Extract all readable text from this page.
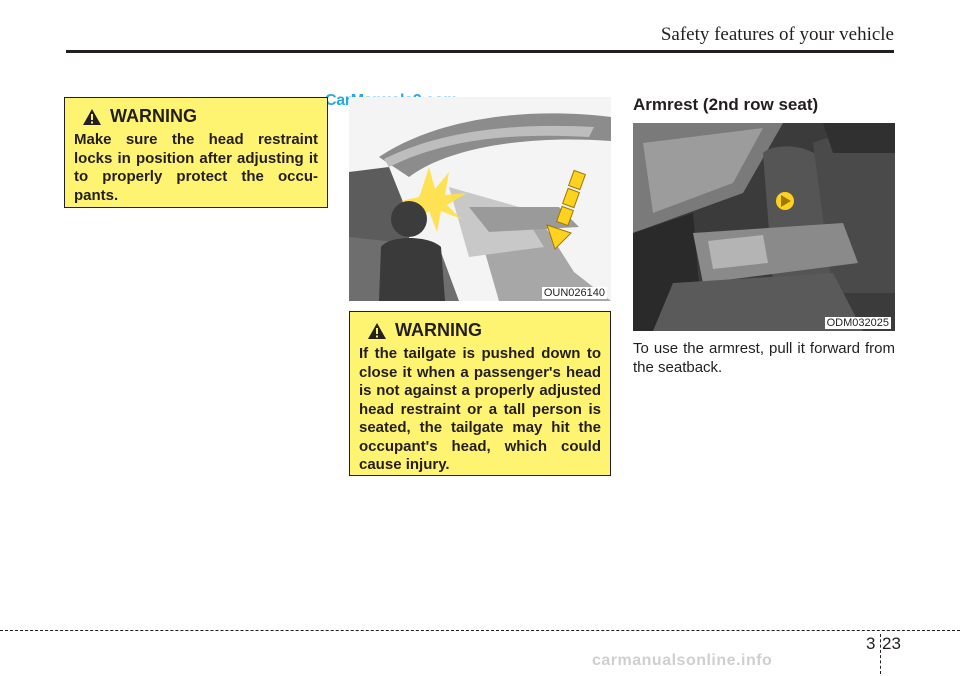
Safety features of your vehicle
WARNING
Make sure the head restraint locks in position after adjusting it to properly protect the occu-pants.
OUN026140
WARNING
If the tailgate is pushed down to close it when a passenger's head is not against a properly adjusted head restraint or a tall person is seated, the tailgate may hit the occupant's head, which could cause injury.
Armrest (2nd row seat)
ODM032025
To use the armrest, pull it forward from the seatback.
3 23
carmanualsonline.info
